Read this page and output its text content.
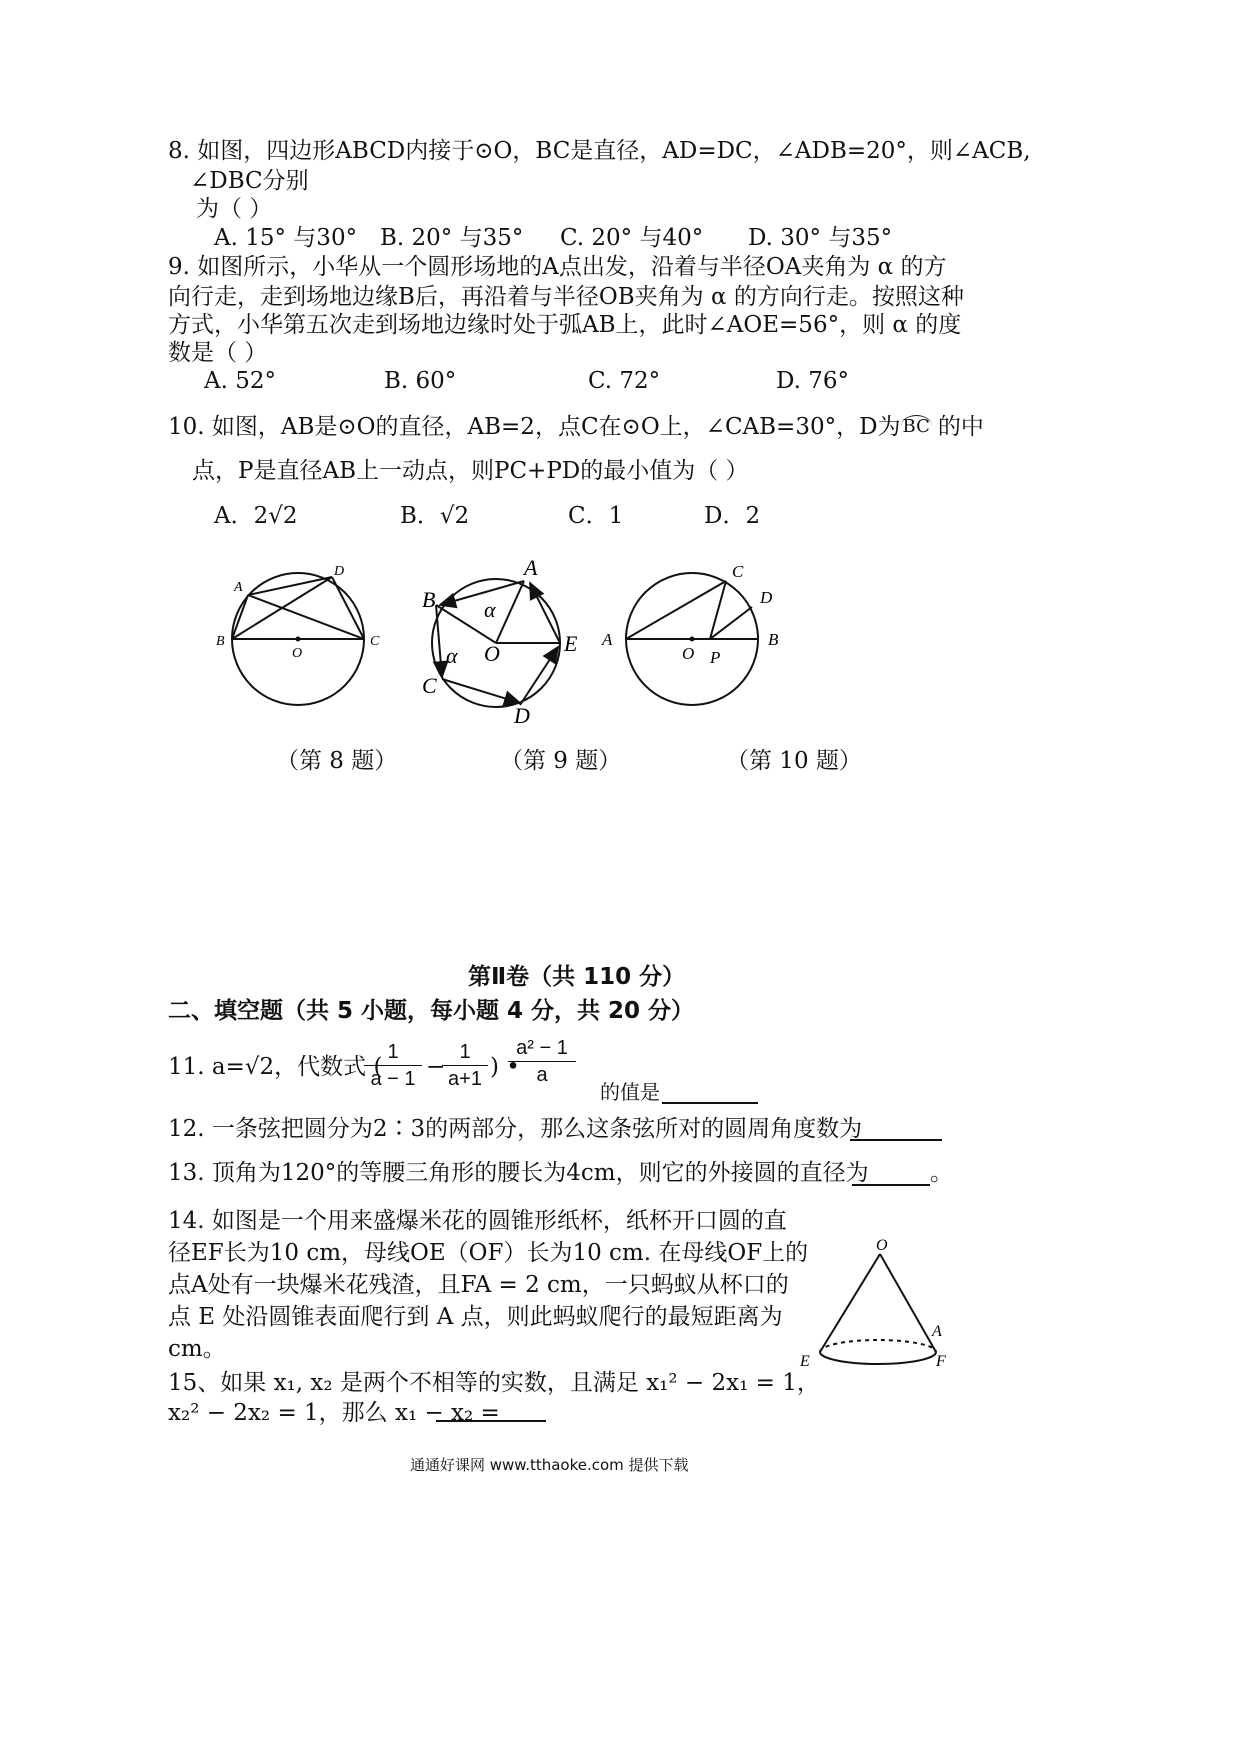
8. 如图，四边形ABCD内接于⊙O，BC是直径，AD=DC，∠ADB=20°，则∠ACB,
∠DBC分别
为（ ）
A. 15° 与30° B. 20° 与35° C. 20° 与40° D. 30° 与35°
9. 如图所示，小华从一个圆形场地的A点出发，沿着与半径OA夹角为 α 的方
向行走，走到场地边缘B后，再沿着与半径OB夹角为 α 的方向行走。按照这种
方式，小华第五次走到场地边缘时处于弧AB上，此时∠AOE=56°，则 α 的度
数是（ ）
A. 52°	B. 60°	C. 72°	D. 76°
10. 如图，AB是⊙O的直径，AB=2，点C在⊙O上，∠CAB=30°，D为 BC 的中
点，P是直径AB上一动点，则PC+PD的最小值为（ ）
A．2√2	B．√2	C．1	D．2
A
D
B
O
C
A
B α
α O	E
C
D
C
D
A
O P
B
（第 8 题）	（第 9 题）	（第 10 题）
第Ⅱ卷（共 110 分）
二、填空题（共 5 小题，每小题 4 分，共 20 分）
11. a=√2，代数式 (
1
a − 1 −
1
a+1 ) •
a² − 1
a
的值是
12. 一条弦把圆分为2∶3的两部分，那么这条弦所对的圆周角度数为
13. 顶角为120°的等腰三角形的腰长为4cm，则它的外接圆的直径为	。
14. 如图是一个用来盛爆米花的圆锥形纸杯，纸杯开口圆的直
径EF长为10 cm，母线OE（OF）长为10 cm. 在母线OF上的
点A处有一块爆米花残渣，且FA = 2 cm，一只蚂蚁从杯口的
点 E 处沿圆锥表面爬行到 A 点，则此蚂蚁爬行的最短距离为
cm。
O
A
E	F
15、如果 x₁, x₂ 是两个不相等的实数，且满足 x₁² − 2x₁ = 1，
x₂² − 2x₂ = 1，那么 x₁ − x₂ =
通通好课网 www.tthaoke.com 提供下载
